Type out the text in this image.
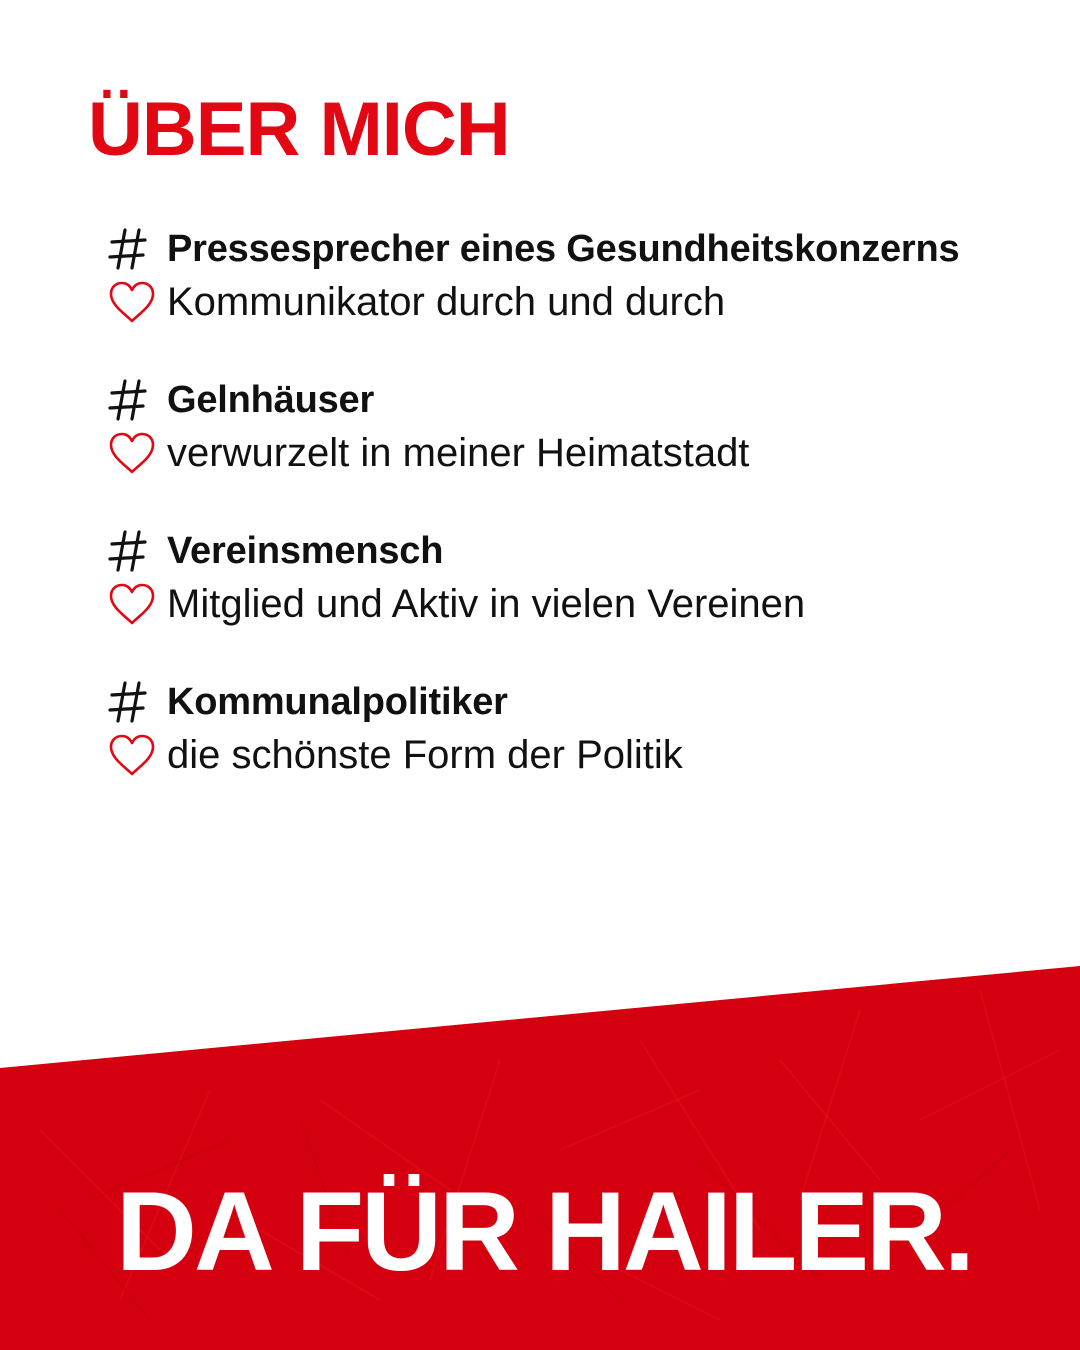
ÜBER MICH
Pressesprecher eines Gesundheitskonzerns
Kommunikator durch und durch
Gelnhäuser
verwurzelt in meiner Heimatstadt
Vereinsmensch
Mitglied und Aktiv in vielen Vereinen
Kommunalpolitiker
die schönste Form der Politik
DA FÜR HAILER.
